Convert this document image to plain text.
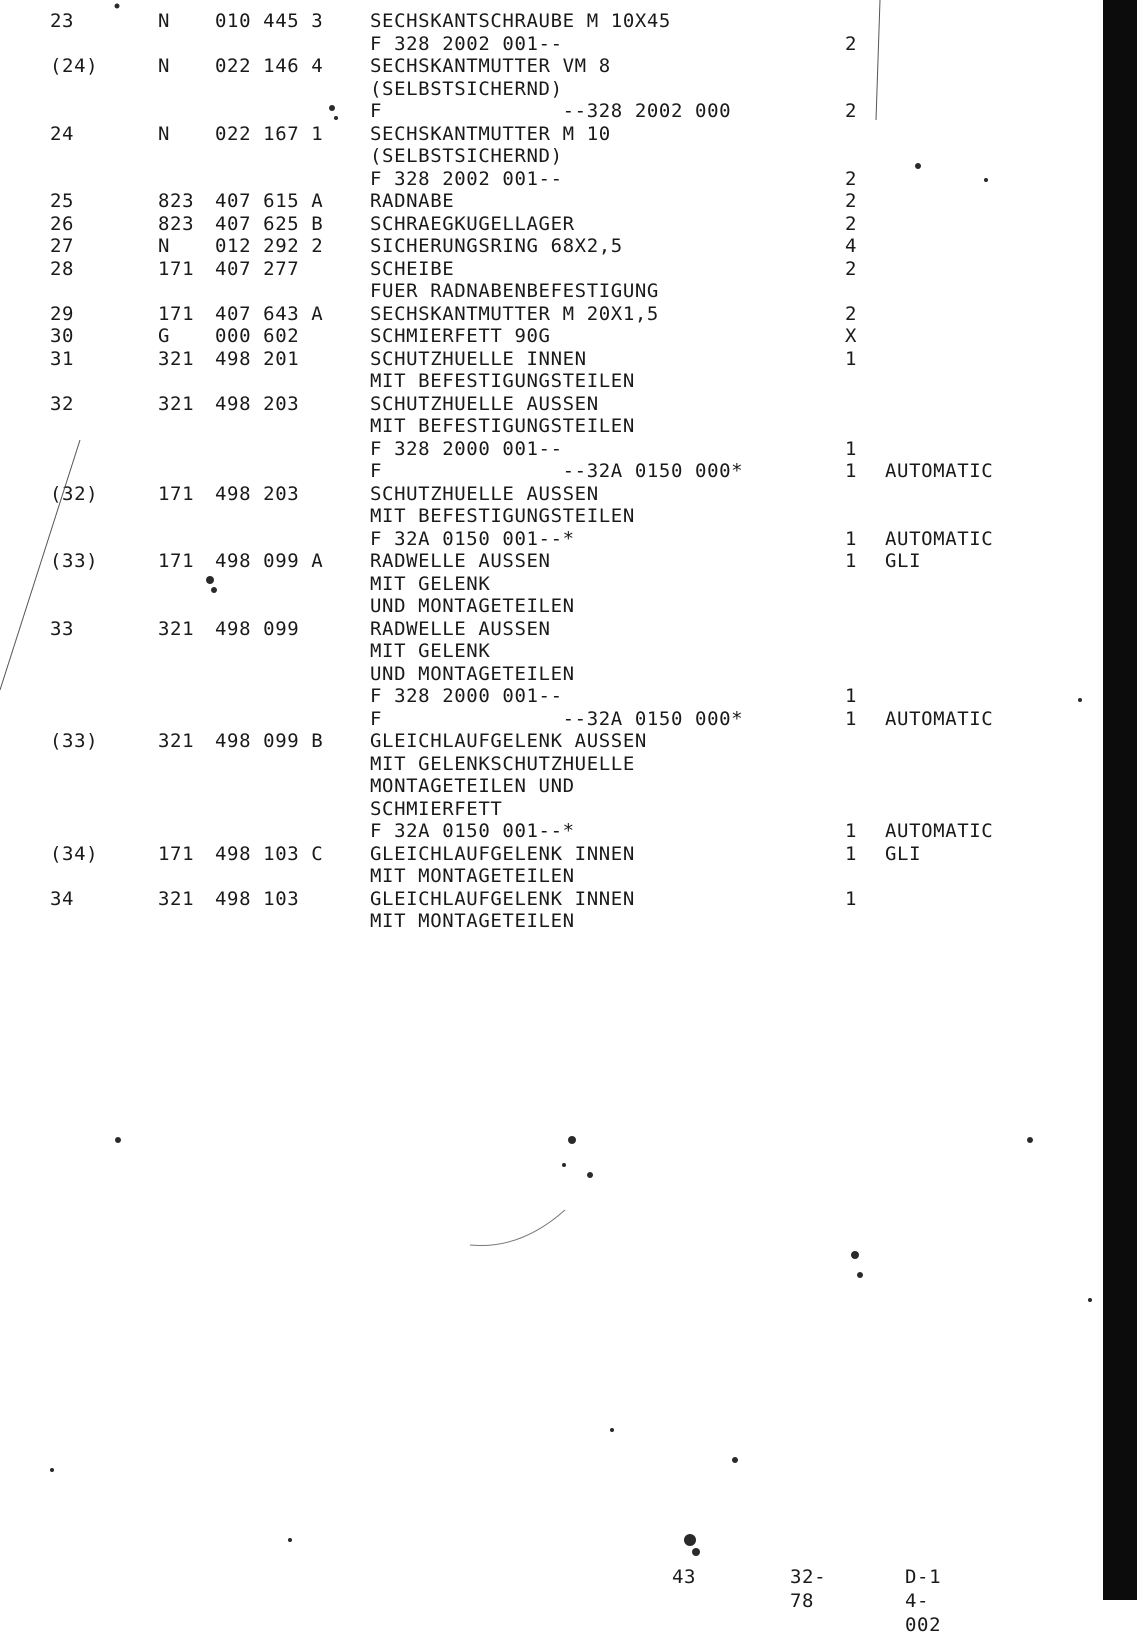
23	N 010 445 3 SECHSKANTSCHRAUBE M 10X45
F 328 2002 001--	2
(24)	N 022 146 4 SECHSKANTMUTTER VM 8
(SELBSTSICHERND)
F               --328 2002 000	2
24	N 022 167 1 SECHSKANTMUTTER M 10
(SELBSTSICHERND)
F 328 2002 001--	2
25	823 407 615 A RADNABE	2
26	823 407 625 B SCHRAEGKUGELLAGER	2
27	N 012 292 2 SICHERUNGSRING 68X2,5	4
28	171 407 277	SCHEIBE	2
FUER RADNABENBEFESTIGUNG
29	171 407 643 A SECHSKANTMUTTER M 20X1,5	2
30	G 000 602	SCHMIERFETT 90G	X
31	321 498 201	SCHUTZHUELLE INNEN	1
MIT BEFESTIGUNGSTEILEN
32	321 498 203	SCHUTZHUELLE AUSSEN
MIT BEFESTIGUNGSTEILEN
F 328 2000 001--	1
F               --32A 0150 000*	1 AUTOMATIC
(32)	171 498 203	SCHUTZHUELLE AUSSEN
MIT BEFESTIGUNGSTEILEN
F 32A 0150 001--*	1 AUTOMATIC
(33)	171 498 099 A RADWELLE AUSSEN	1 GLI
MIT GELENK
UND MONTAGETEILEN
33	321 498 099	RADWELLE AUSSEN
MIT GELENK
UND MONTAGETEILEN
F 328 2000 001--	1
F               --32A 0150 000*	1 AUTOMATIC
(33)	321 498 099 B GLEICHLAUFGELENK AUSSEN
MIT GELENKSCHUTZHUELLE
MONTAGETEILEN UND
SCHMIERFETT
F 32A 0150 001--*	1 AUTOMATIC
(34)	171 498 103 C GLEICHLAUFGELENK INNEN	1 GLI
MIT MONTAGETEILEN
34	321 498 103	GLEICHLAUFGELENK INNEN	1
MIT MONTAGETEILEN
43	32-78
D-1 4-002
